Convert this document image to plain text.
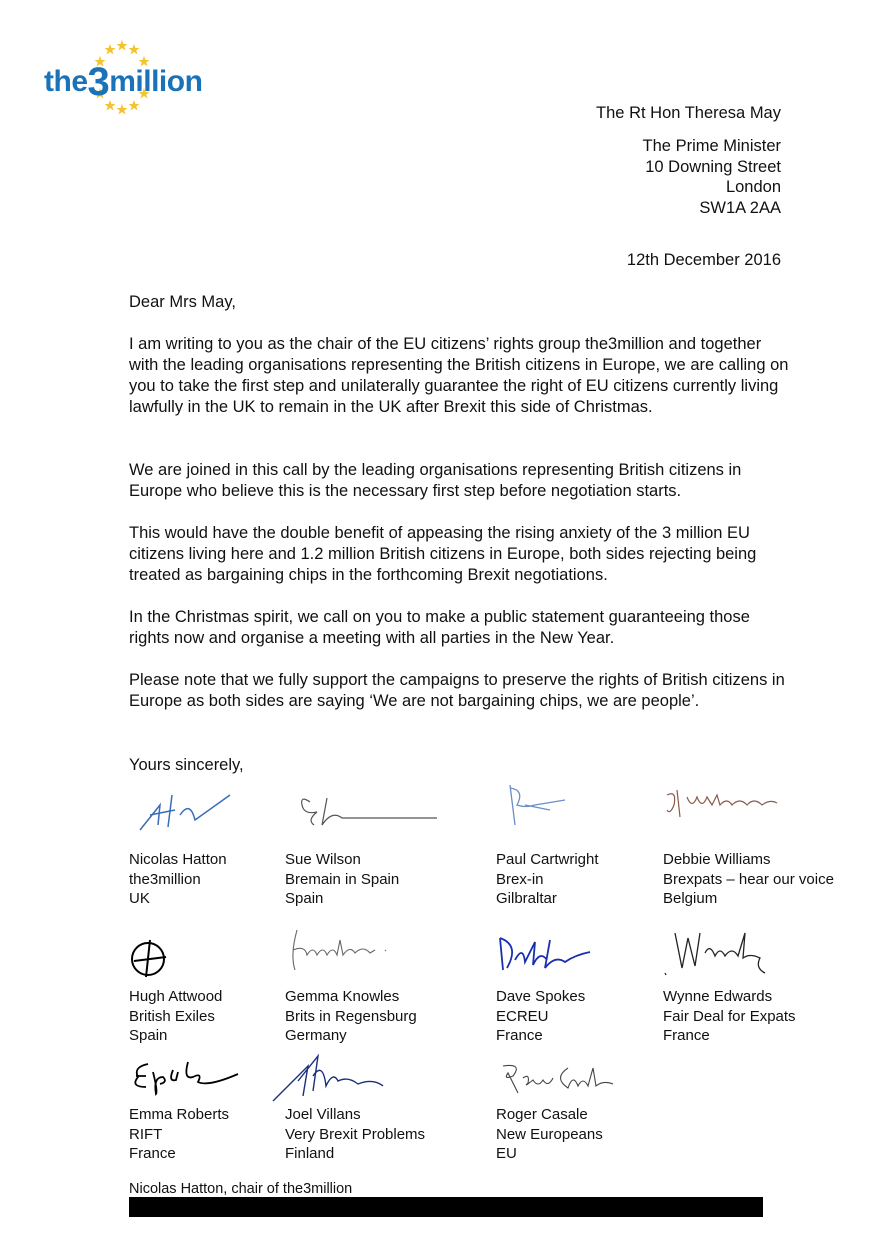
the3million
The Rt Hon Theresa May
The Prime Minister
10 Downing Street
London
SW1A 2AA
12th December 2016
Dear Mrs May,
I am writing to you as the chair of the EU citizens’ rights group the3million and together with the leading organisations representing the British citizens in Europe, we are calling on you to take the first step and unilaterally guarantee the right of EU citizens currently living lawfully in the UK to remain in the UK after Brexit this side of Christmas.
We are joined in this call by the leading organisations representing British citizens in Europe who believe this is the necessary first step before negotiation starts.
This would have the double benefit of appeasing the rising anxiety of the 3 million EU citizens living here and 1.2 million British citizens in Europe, both sides rejecting being treated as bargaining chips in the forthcoming Brexit negotiations.
In the Christmas spirit, we call on you to make a public statement guaranteeing those rights now and organise a meeting with all parties in the New Year.
Please note that we fully support the campaigns to preserve the rights of British citizens in Europe as both sides are saying ‘We are not bargaining chips, we are people’.
Yours sincerely,
Nicolas Hatton
the3million
UK
Sue Wilson
Bremain in Spain
Spain
Paul Cartwright
Brex-in
Gilbraltar
Debbie Williams
Brexpats – hear our voice
Belgium
Hugh Attwood
British Exiles
Spain
Gemma Knowles
Brits in Regensburg
Germany
Dave Spokes
ECREU
France
Wynne Edwards
Fair Deal for Expats
France
Emma Roberts
RIFT
France
Joel Villans
Very Brexit Problems
Finland
Roger Casale
New Europeans
EU
Nicolas Hatton, chair of the3million
